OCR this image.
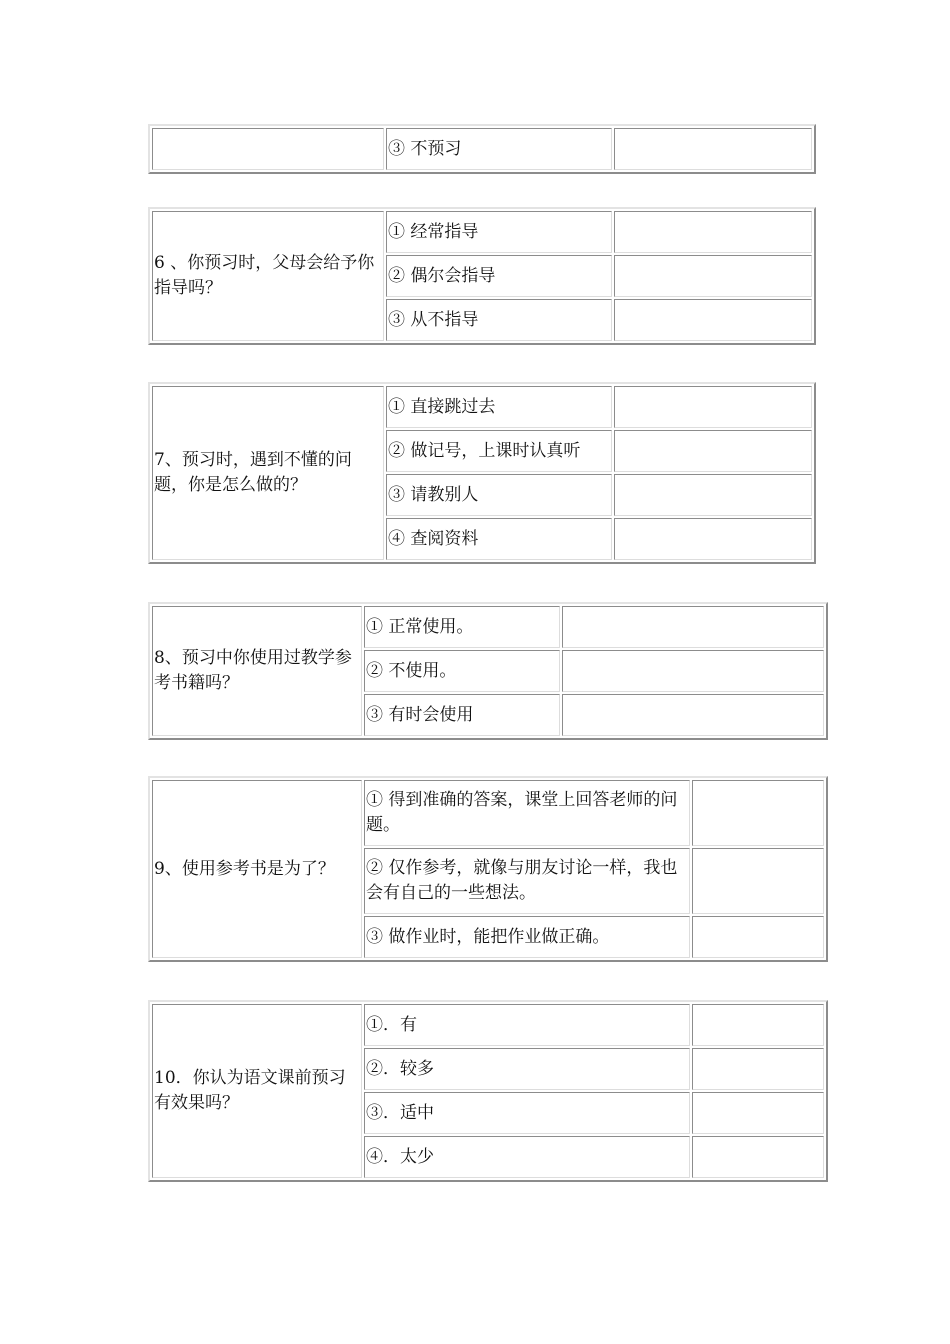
	③ 不预习	
6 、你预习时，父母会给予你指导吗？	① 经常指导	
	② 偶尔会指导	
	③ 从不指导	
7、预习时，遇到不懂的问题，你是怎么做的？	① 直接跳过去	
	② 做记号，上课时认真听	
	③ 请教别人	
	④ 查阅资料	
8、预习中你使用过教学参考书籍吗？	① 正常使用。	
	② 不使用。	
	③ 有时会使用	
9、使用参考书是为了？	① 得到准确的答案，课堂上回答老师的问题。	
	② 仅作参考，就像与朋友讨论一样，我也会有自己的一些想法。	
	③ 做作业时，能把作业做正确。	
10．你认为语文课前预习有效果吗？	①．有	
	②．较多	
	③．适中	
	④．太少	
